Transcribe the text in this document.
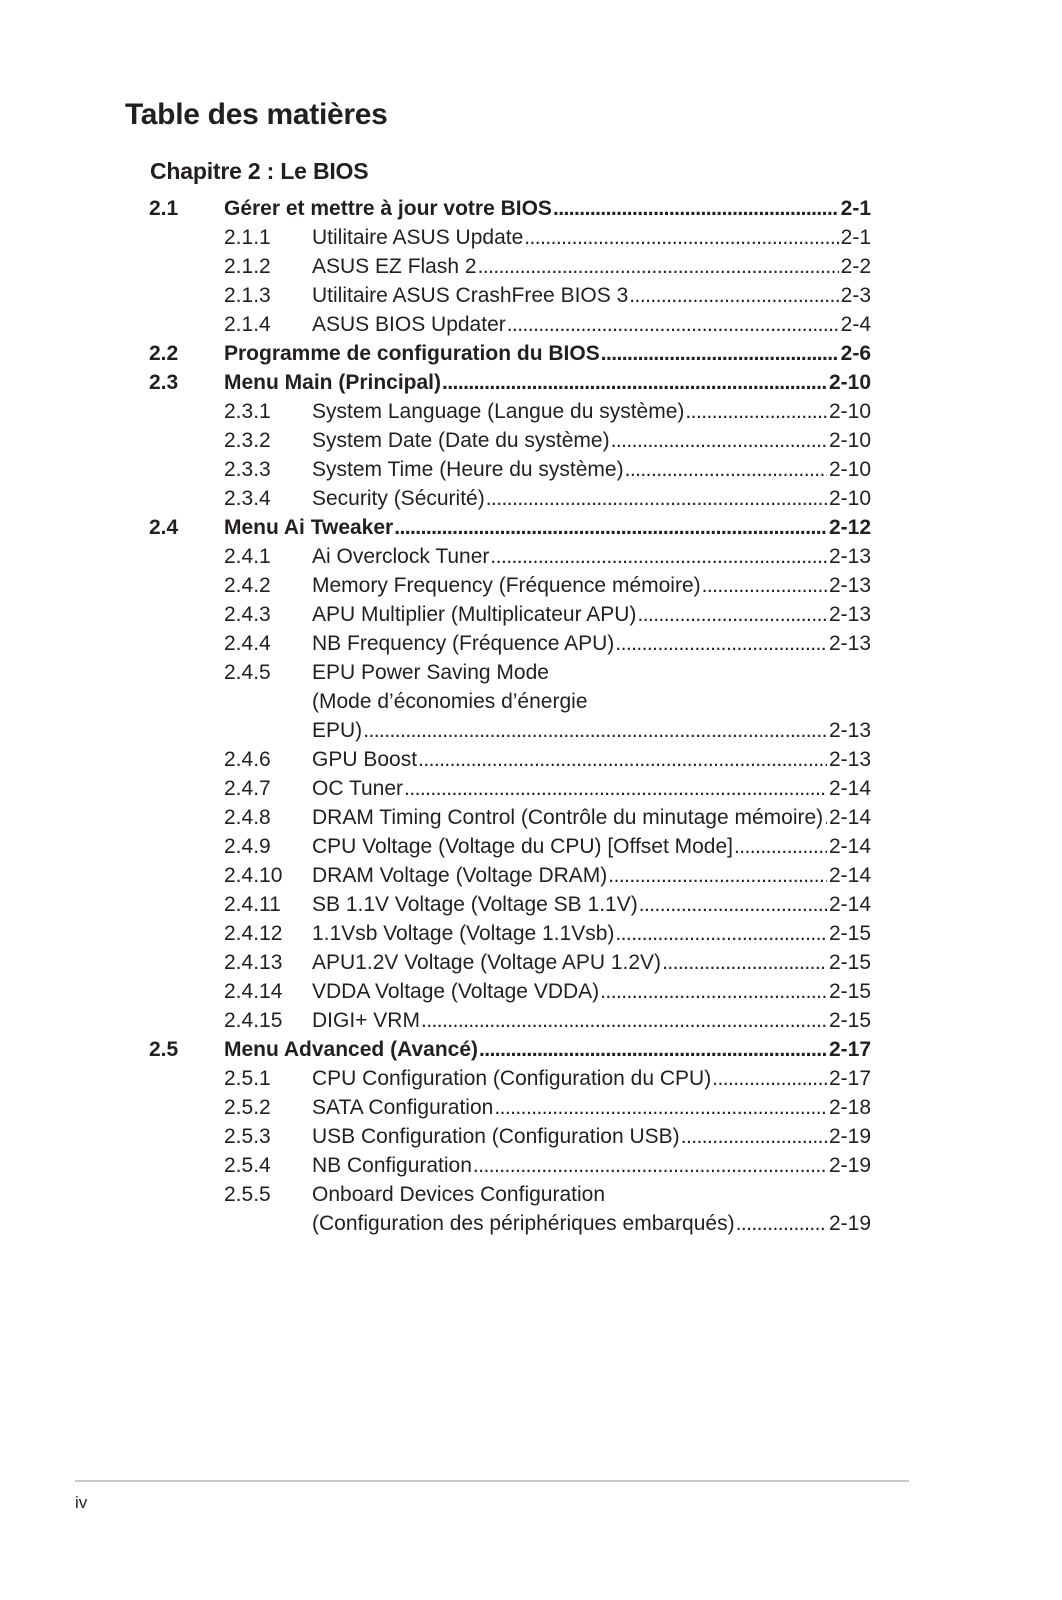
Table des matières
Chapitre 2 : Le BIOS
2.1 Gérer et mettre à jour votre BIOS . . .	2-1
2.1.1 Utilitaire ASUS Update . . .	2-1
2.1.2 ASUS EZ Flash 2 . . .	2-2
2.1.3 Utilitaire ASUS CrashFree BIOS 3 . . .	2-3
2.1.4 ASUS BIOS Updater . . .	2-4
2.2 Programme de configuration du BIOS . . .	2-6
2.3 Menu Main (Principal) . . .	2-10
2.3.1 System Language (Langue du système) . . .	2-10
2.3.2 System Date (Date du système) . . .	2-10
2.3.3 System Time (Heure du système) . . .	2-10
2.3.4 Security (Sécurité) . . .	2-10
2.4 Menu Ai Tweaker . . .	2-12
2.4.1 Ai Overclock Tuner . . .	2-13
2.4.2 Memory Frequency (Fréquence mémoire) . . .	2-13
2.4.3 APU Multiplier (Multiplicateur APU) . . .	2-13
2.4.4 NB Frequency (Fréquence APU) . . .	2-13
2.4.5 EPU Power Saving Mode
(Mode d’économies d’énergie
EPU) . . .	2-13
2.4.6 GPU Boost . . .	2-13
2.4.7 OC Tuner . . .	2-14
2.4.8 DRAM Timing Control (Contrôle du minutage mémoire) . . . 2-14
2.4.9 CPU Voltage (Voltage du CPU) [Offset Mode] . . .	2-14
2.4.10 DRAM Voltage (Voltage DRAM) . . .	2-14
2.4.11 SB 1.1V Voltage (Voltage SB 1.1V) . . .	2-14
2.4.12 1.1Vsb Voltage (Voltage 1.1Vsb) . . .	2-15
2.4.13 APU1.2V Voltage (Voltage APU 1.2V) . . .	2-15
2.4.14 VDDA Voltage (Voltage VDDA) . . .	2-15
2.4.15 DIGI+ VRM . . .	2-15
2.5 Menu Advanced (Avancé) . . .	2-17
2.5.1 CPU Configuration (Configuration du CPU) . . .	2-17
2.5.2 SATA Configuration . . .	2-18
2.5.3 USB Configuration (Configuration USB) . . .	2-19
2.5.4 NB Configuration . . .	2-19
2.5.5 Onboard Devices Configuration
(Configuration des périphériques embarqués) . . .	2-19
iv
